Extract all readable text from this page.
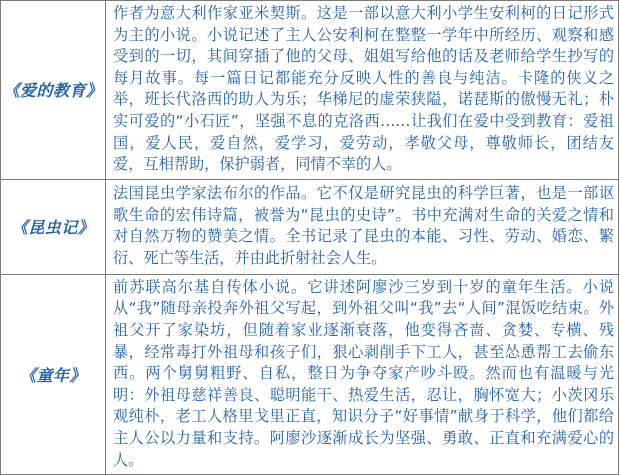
《爱的教育》	作者为意大利作家亚米契斯。这是一部以意大利小学生安利柯的日记形式为主的小说。小说记述了主人公安利柯在整整一学年中所经历、观察和感受到的一切，其间穿插了他的父母、姐姐写给他的话及老师给学生抄写的每月故事。每一篇日记都能充分反映人性的善良与纯洁。卡隆的侠义之举，班长代洛西的助人为乐；华梯尼的虚荣狭隘，诺琵斯的傲慢无礼；朴实可爱的“小石匠”，坚强不息的克洛西……让我们在爱中受到教育：爱祖国，爱人民，爱自然，爱学习，爱劳动，孝敬父母，尊敬师长，团结友爱，互相帮助，保护弱者，同情不幸的人。
《昆虫记》	法国昆虫学家法布尔的作品。它不仅是研究昆虫的科学巨著，也是一部讴歌生命的宏伟诗篇，被誉为“昆虫的史诗”。书中充满对生命的关爱之情和对自然万物的赞美之情。全书记录了昆虫的本能、习性、劳动、婚恋、繁衍、死亡等生活，并由此折射社会人生。
《童年》	前苏联高尔基自传体小说。它讲述阿廖沙三岁到十岁的童年生活。小说从“我”随母亲投奔外祖父写起，到外祖父叫“我”去“人间”混饭吃结束。外祖父开了家染坊，但随着家业逐渐衰落，他变得吝啬、贪婪、专横、残暴，经常毒打外祖母和孩子们，狠心剥削手下工人，甚至怂恿帮工去偷东西。两个舅舅粗野、自私，整日为争夺家产吵斗殴。然而也有温暖与光明：外祖母慈祥善良、聪明能干、热爱生活，忍让，胸怀宽大；小茨冈乐观纯朴，老工人格里戈里正直，知识分子“好事情”献身于科学，他们都给主人公以力量和支持。阿廖沙逐渐成长为坚强、勇敢、正直和充满爱心的人。
